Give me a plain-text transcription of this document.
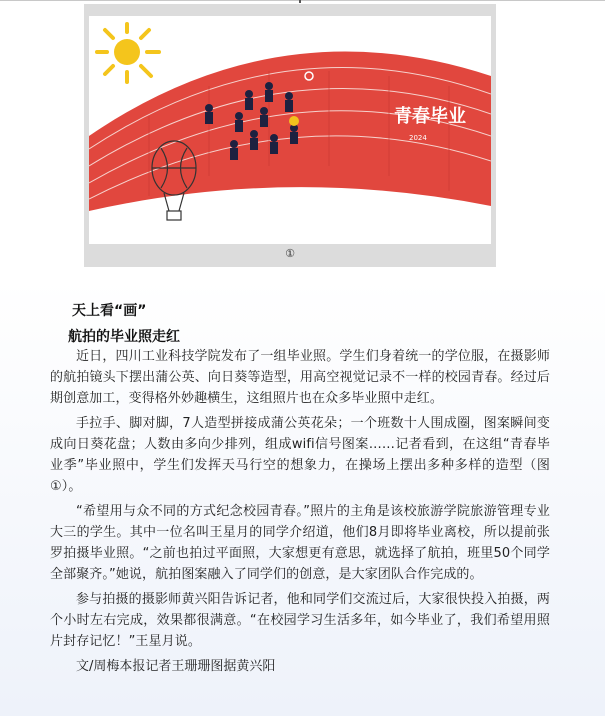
青春毕业
2024
①
天上看“画”
航拍的毕业照走红

近日，四川工业科技学院发布了一组毕业照。学生们身着统一的学位服，在摄影师的航拍镜头下摆出蒲公英、向日葵等造型，用高空视觉记录不一样的校园青春。经过后期创意加工，变得格外妙趣横生，这组照片也在众多毕业照中走红。

手拉手、脚对脚，7人造型拼接成蒲公英花朵；一个班数十人围成圈，图案瞬间变成向日葵花盘；人数由多向少排列，组成wifi信号图案……记者看到，在这组“青春毕业季”毕业照中，学生们发挥天马行空的想象力，在操场上摆出多种多样的造型（图①）。

“希望用与众不同的方式纪念校园青春。”照片的主角是该校旅游学院旅游管理专业大三的学生。其中一位名叫王星月的同学介绍道，他们8月即将毕业离校，所以提前张罗拍摄毕业照。“之前也拍过平面照，大家想更有意思，就选择了航拍，班里50个同学全部聚齐。”她说，航拍图案融入了同学们的创意，是大家团队合作完成的。

参与拍摄的摄影师黄兴阳告诉记者，他和同学们交流过后，大家很快投入拍摄，两个小时左右完成，效果都很满意。“在校园学习生活多年，如今毕业了，我们希望用照片封存记忆！”王星月说。

文/周梅本报记者王珊珊图据黄兴阳
